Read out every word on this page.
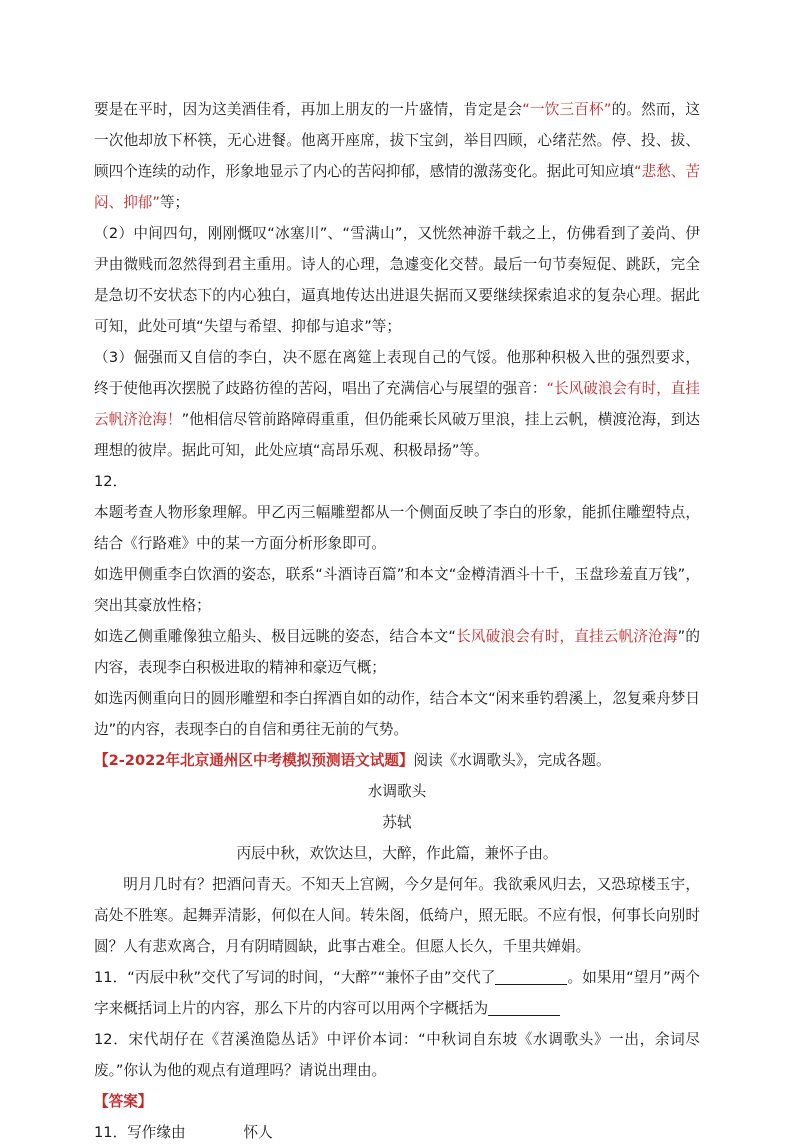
要是在平时，因为这美酒佳肴，再加上朋友的一片盛情，肯定是会“一饮三百杯”的。然而，这一次他却放下杯筷，无心进餐。他离开座席，拔下宝剑，举目四顾，心绪茫然。停、投、拔、顾四个连续的动作，形象地显示了内心的苦闷抑郁，感情的激荡变化。据此可知应填“悲愁、苦闷、抑郁”等；

（2）中间四句，刚刚慨叹“冰塞川”、“雪满山”，又恍然神游千载之上，仿佛看到了姜尚、伊尹由微贱而忽然得到君主重用。诗人的心理，急遽变化交替。最后一句节奏短促、跳跃，完全是急切不安状态下的内心独白，逼真地传达出进退失据而又要继续探索追求的复杂心理。据此可知，此处可填“失望与希望、抑郁与追求”等；

（3）倔强而又自信的李白，决不愿在离筵上表现自己的气馁。他那种积极入世的强烈要求，终于使他再次摆脱了歧路彷徨的苦闷，唱出了充满信心与展望的强音：“长风破浪会有时，直挂云帆济沧海！”他相信尽管前路障碍重重，但仍能乘长风破万里浪，挂上云帆，横渡沧海，到达理想的彼岸。据此可知，此处应填“高昂乐观、积极昂扬”等。

12．

本题考查人物形象理解。甲乙丙三幅雕塑都从一个侧面反映了李白的形象，能抓住雕塑特点，结合《行路难》中的某一方面分析形象即可。

如选甲侧重李白饮酒的姿态，联系“斗酒诗百篇”和本文“金樽清酒斗十千，玉盘珍羞直万钱”，突出其豪放性格；

如选乙侧重雕像独立船头、极目远眺的姿态，结合本文“长风破浪会有时，直挂云帆济沧海”的内容，表现李白积极进取的精神和豪迈气概；

如选丙侧重向日的圆形雕塑和李白挥酒自如的动作，结合本文“闲来垂钓碧溪上，忽复乘舟梦日边”的内容，表现李白的自信和勇往无前的气势。

【2-2022年北京通州区中考模拟预测语文试题】阅读《水调歌头》，完成各题。

水调歌头

苏轼

丙辰中秋，欢饮达旦，大醉，作此篇，兼怀子由。

明月几时有？把酒问青天。不知天上宫阙，今夕是何年。我欲乘风归去，又恐琼楼玉宇，高处不胜寒。起舞弄清影，何似在人间。转朱阁，低绮户，照无眠。不应有恨，何事长向别时圆？人有悲欢离合，月有阴晴圆缺，此事古难全。但愿人长久，千里共婵娟。

11．“丙辰中秋”交代了写词的时间，“大醉”“兼怀子由”交代了	。如果用“望月”两个字来概括词上片的内容，那么下片的内容可以用两个字概括为

12．宋代胡仔在《苕溪渔隐丛话》中评价本词：“中秋词自东坡《水调歌头》一出，余词尽废。”你认为他的观点有道理吗？请说出理由。

【答案】

11．写作缘由	怀人
